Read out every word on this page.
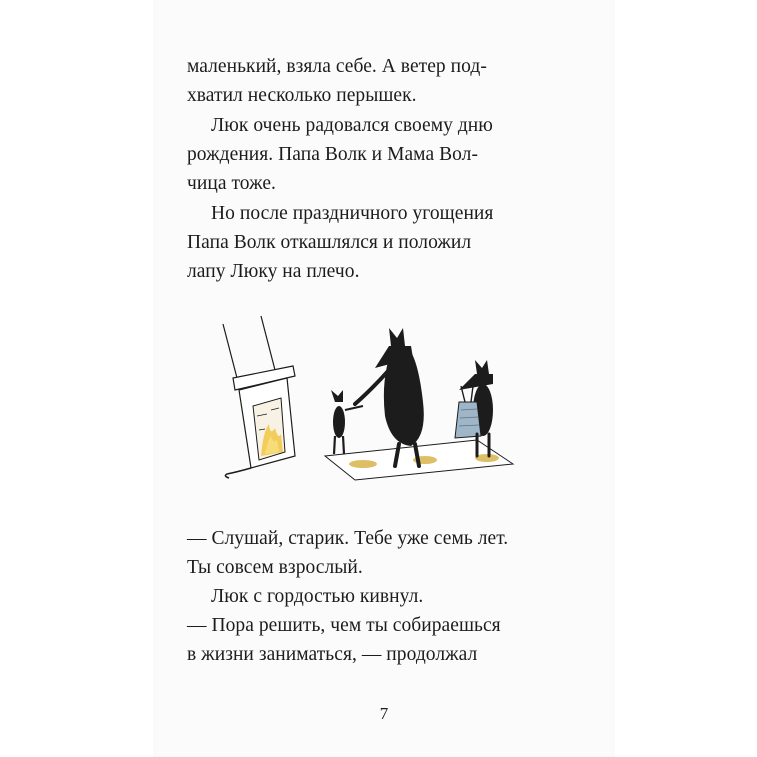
маленький, взяла себе. А ветер под-
хватил несколько перышек.
Люк очень радовался своему дню
рождения. Папа Волк и Мама Вол-
чица тоже.
Но после праздничного угощения
Папа Волк откашлялся и положил
лапу Люку на плечо.
— Слушай, старик. Тебе уже семь лет.
Ты совсем взрослый.
Люк с гордостью кивнул.
— Пора решить, чем ты собираешься
в жизни заниматься, — продолжал
7
